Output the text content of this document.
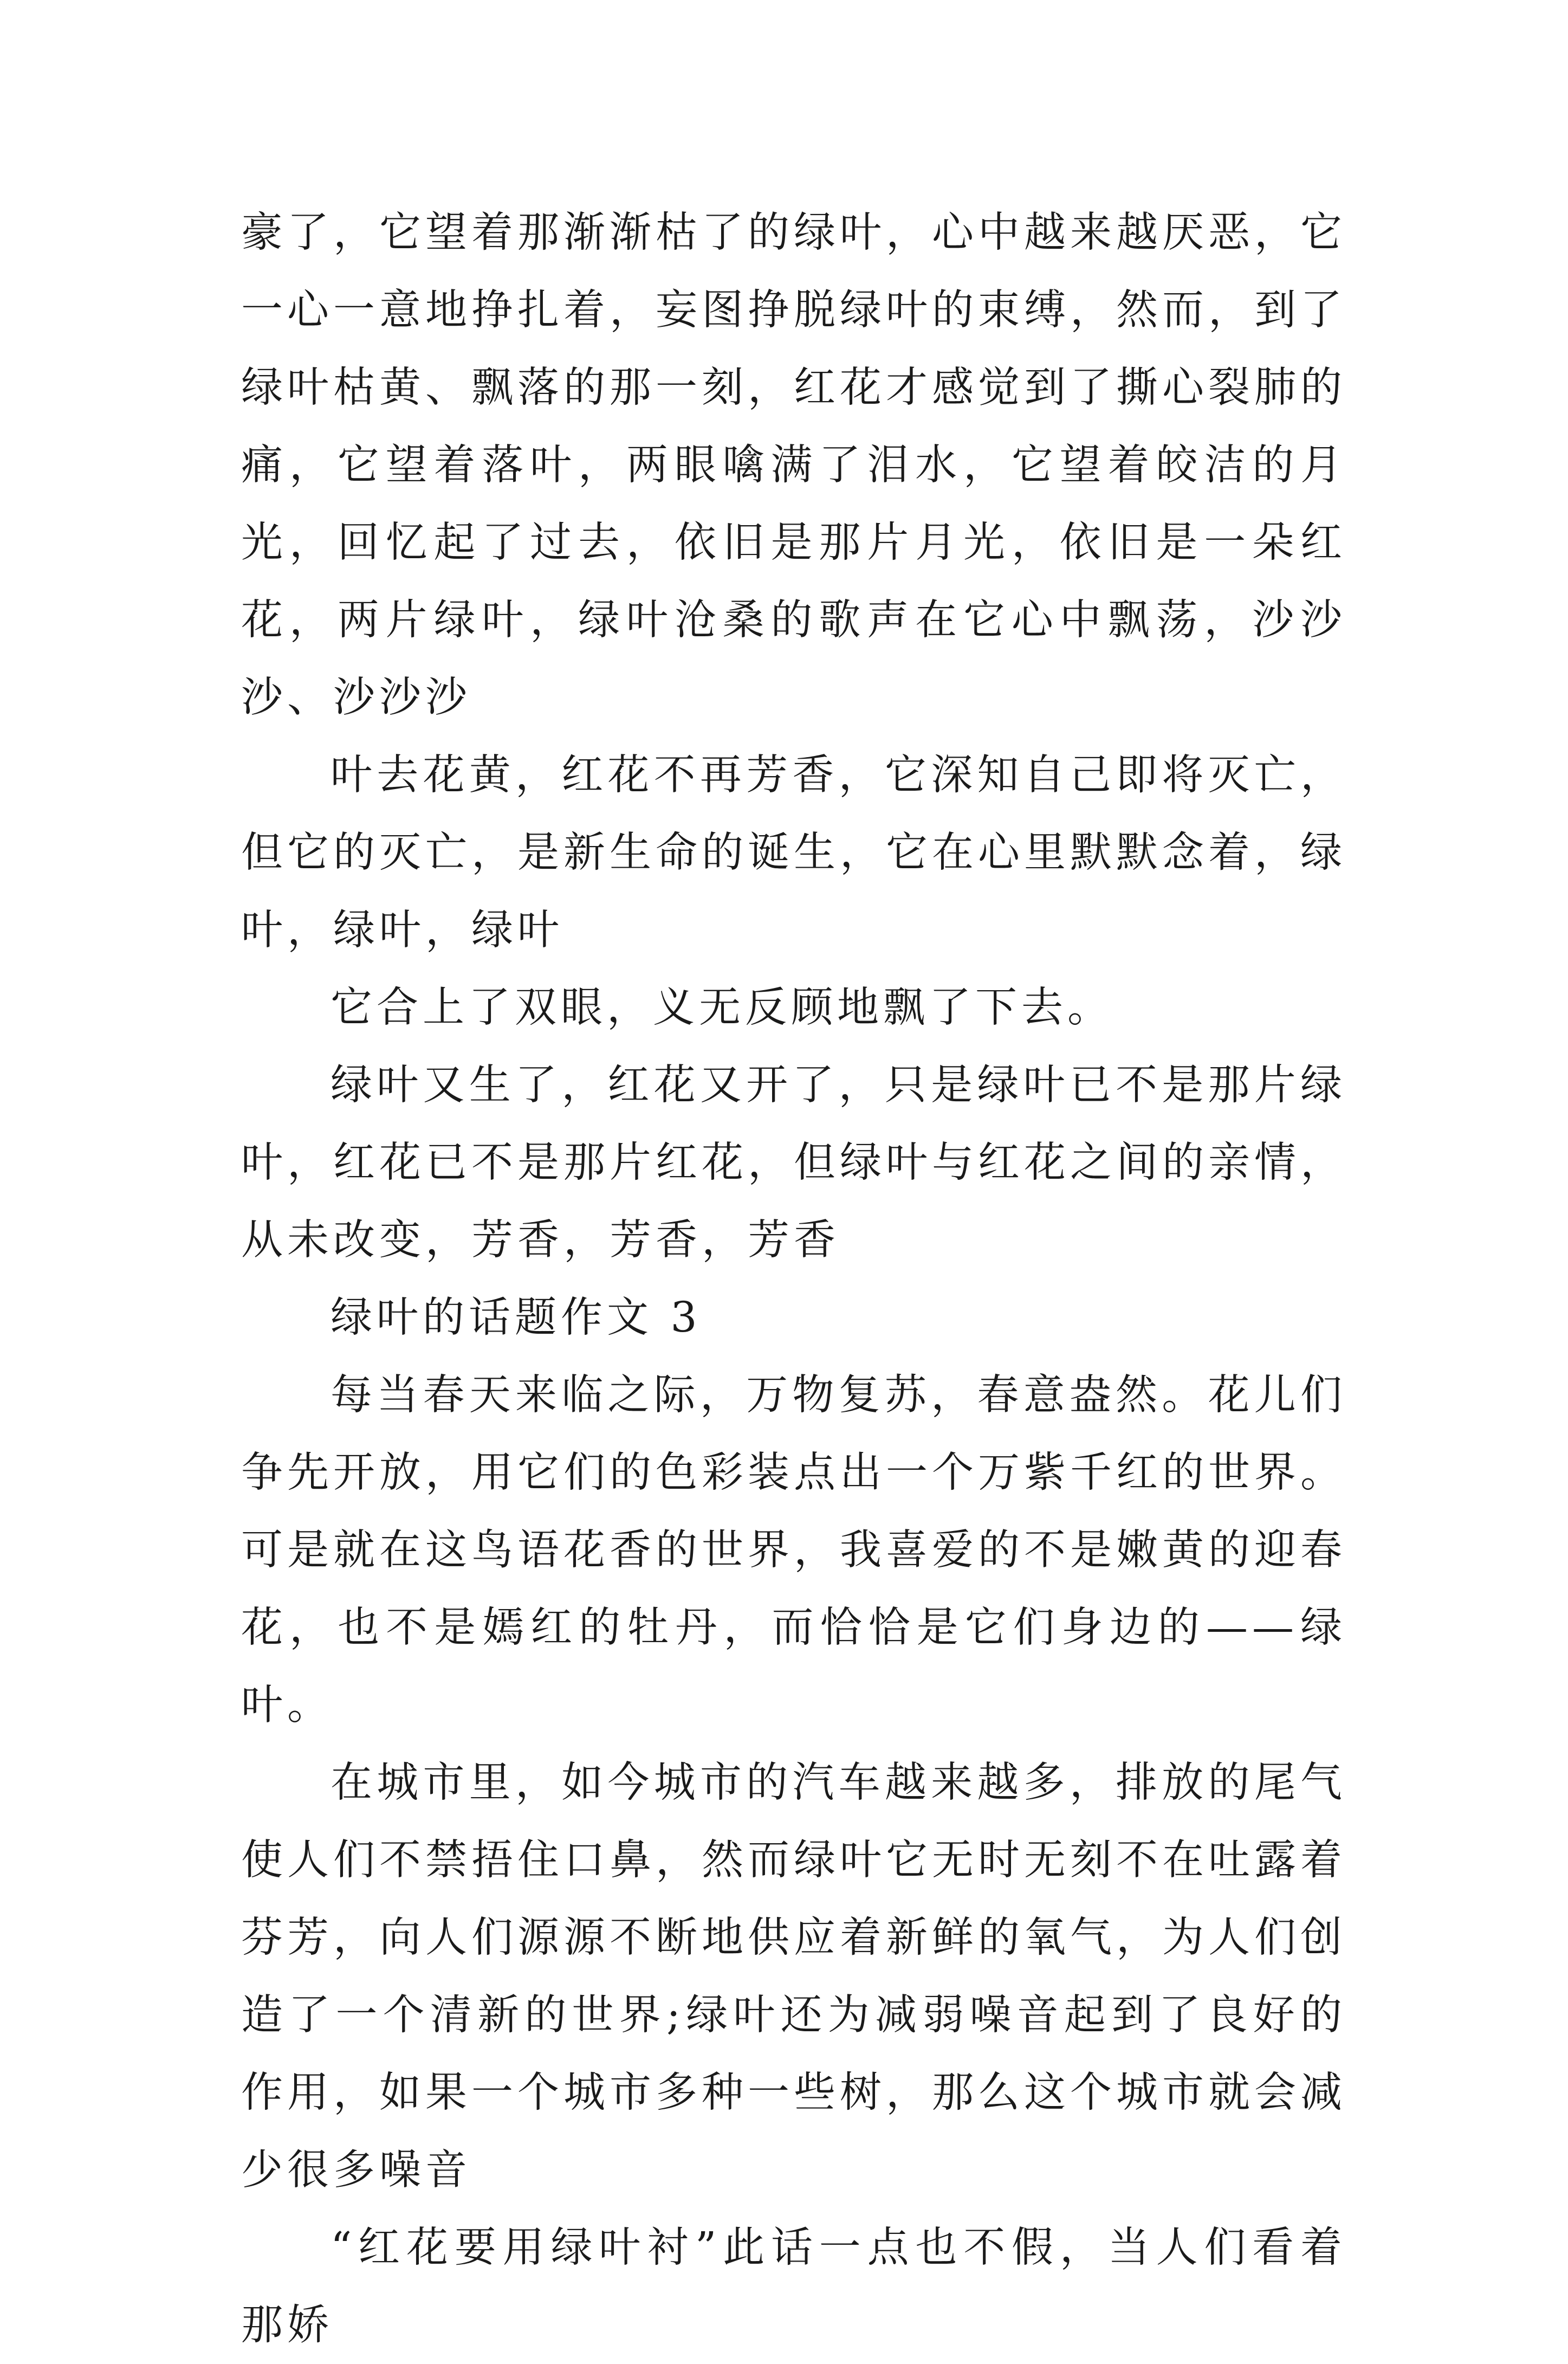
豪了，它望着那渐渐枯了的绿叶，心中越来越厌恶，它一心一意地挣扎着，妄图挣脱绿叶的束缚，然而，到了绿叶枯黄、飘落的那一刻，红花才感觉到了撕心裂肺的痛，它望着落叶，两眼噙满了泪水，它望着皎洁的月光，回忆起了过去，依旧是那片月光，依旧是一朵红花，两片绿叶，绿叶沧桑的歌声在它心中飘荡，沙沙沙、沙沙沙

叶去花黄，红花不再芳香，它深知自己即将灭亡，但它的灭亡，是新生命的诞生，它在心里默默念着，绿叶，绿叶，绿叶

它合上了双眼，义无反顾地飘了下去。

绿叶又生了，红花又开了，只是绿叶已不是那片绿叶，红花已不是那片红花，但绿叶与红花之间的亲情，从未改变，芳香，芳香，芳香

绿叶的话题作文 3

每当春天来临之际，万物复苏，春意盎然。花儿们争先开放，用它们的色彩装点出一个万紫千红的世界。可是就在这鸟语花香的世界，我喜爱的不是嫩黄的迎春花，也不是嫣红的牡丹，而恰恰是它们身边的——绿叶。

在城市里，如今城市的汽车越来越多，排放的尾气使人们不禁捂住口鼻，然而绿叶它无时无刻不在吐露着芬芳，向人们源源不断地供应着新鲜的氧气，为人们创造了一个清新的世界;绿叶还为减弱噪音起到了良好的作用，如果一个城市多种一些树，那么这个城市就会减少很多噪音

“红花要用绿叶衬”此话一点也不假，当人们看着那娇
